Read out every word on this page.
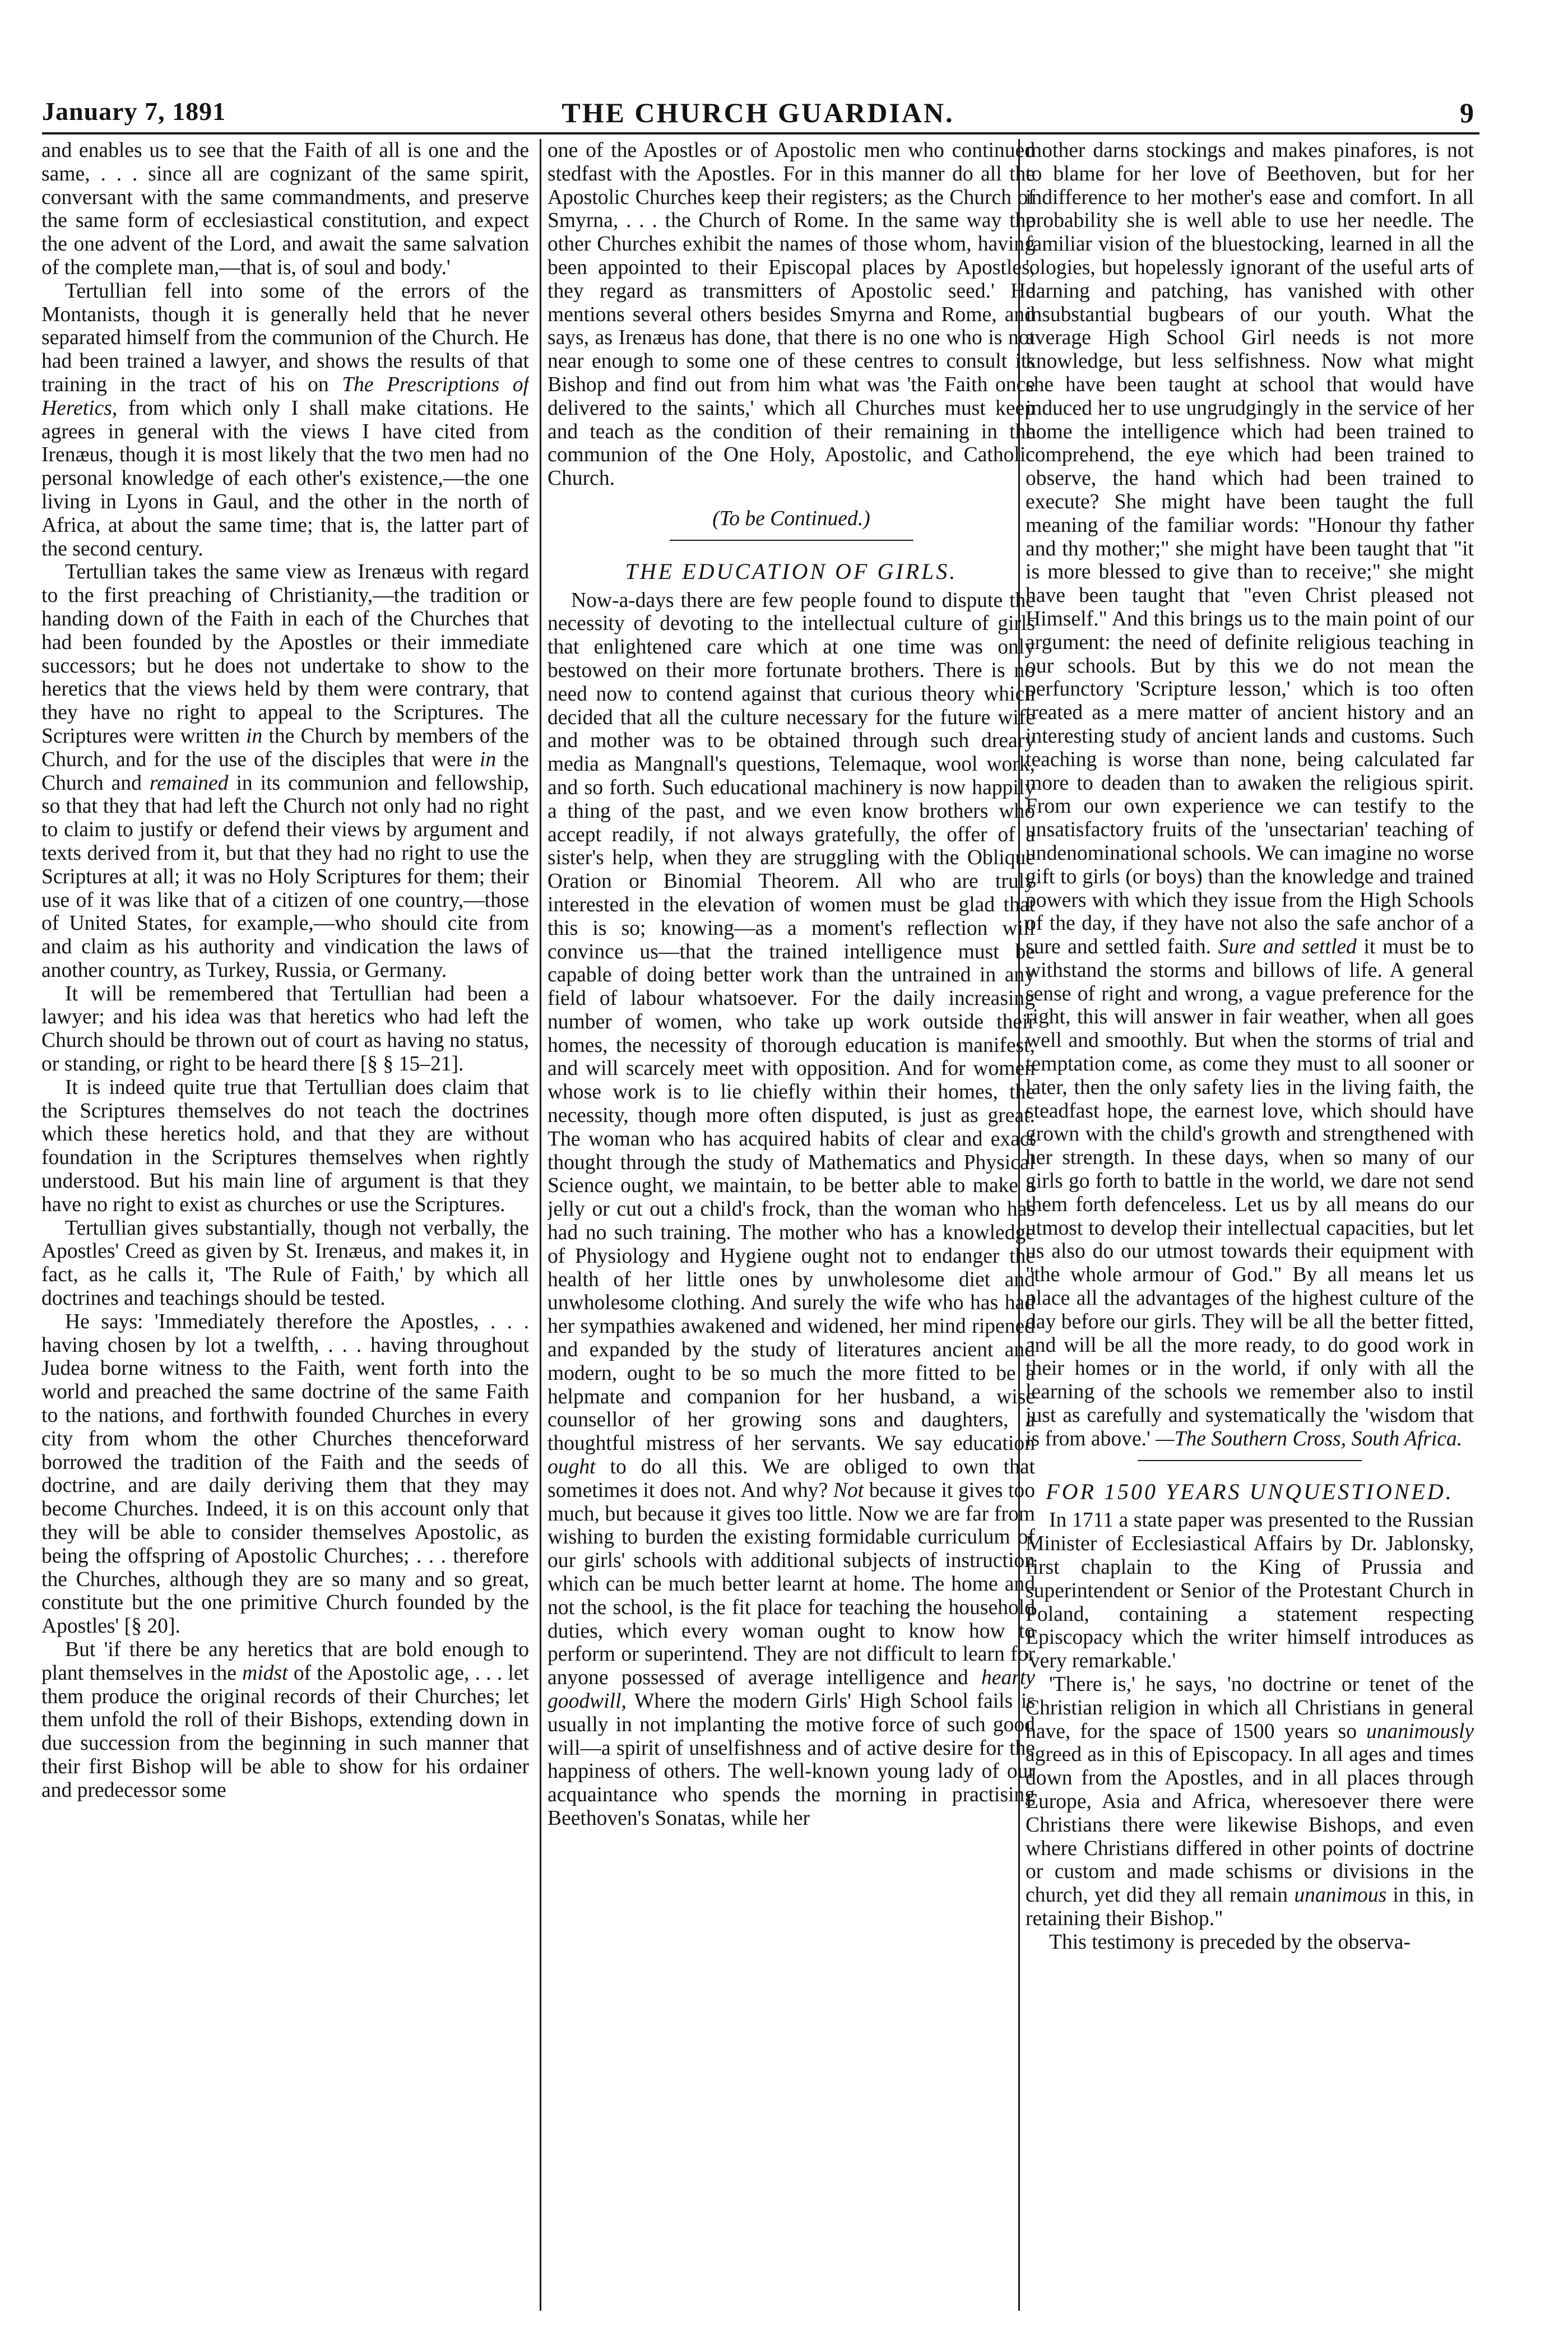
January 7, 1891	THE CHURCH GUARDIAN.	9

and enables us to see that the Faith of all is one and the same, . . . since all are cognizant of the same spirit, conversant with the same commandments, and preserve the same form of ecclesiastical constitution, and expect the one advent of the Lord, and await the same salvation of the complete man,—that is, of soul and body.'

Tertullian fell into some of the errors of the Montanists, though it is generally held that he never separated himself from the communion of the Church. He had been trained a lawyer, and shows the results of that training in the tract of his on The Prescriptions of Heretics, from which only I shall make citations. He agrees in general with the views I have cited from Irenæus, though it is most likely that the two men had no personal knowledge of each other's existence,—the one living in Lyons in Gaul, and the other in the north of Africa, at about the same time; that is, the latter part of the second century.

Tertullian takes the same view as Irenæus with regard to the first preaching of Christianity,—the tradition or handing down of the Faith in each of the Churches that had been founded by the Apostles or their immediate successors; but he does not undertake to show to the heretics that the views held by them were contrary, that they have no right to appeal to the Scriptures. The Scriptures were written in the Church by members of the Church, and for the use of the disciples that were in the Church and remained in its communion and fellowship, so that they that had left the Church not only had no right to claim to justify or defend their views by argument and texts derived from it, but that they had no right to use the Scriptures at all; it was no Holy Scriptures for them; their use of it was like that of a citizen of one country,—those of United States, for example,—who should cite from and claim as his authority and vindication the laws of another country, as Turkey, Russia, or Germany.

It will be remembered that Tertullian had been a lawyer; and his idea was that heretics who had left the Church should be thrown out of court as having no status, or standing, or right to be heard there [§ § 15–21].

It is indeed quite true that Tertullian does claim that the Scriptures themselves do not teach the doctrines which these heretics hold, and that they are without foundation in the Scriptures themselves when rightly understood. But his main line of argument is that they have no right to exist as churches or use the Scriptures.

Tertullian gives substantially, though not verbally, the Apostles' Creed as given by St. Irenæus, and makes it, in fact, as he calls it, 'The Rule of Faith,' by which all doctrines and teachings should be tested.

He says: 'Immediately therefore the Apostles, . . . having chosen by lot a twelfth, . . . having throughout Judea borne witness to the Faith, went forth into the world and preached the same doctrine of the same Faith to the nations, and forthwith founded Churches in every city from whom the other Churches thenceforward borrowed the tradition of the Faith and the seeds of doctrine, and are daily deriving them that they may become Churches. Indeed, it is on this account only that they will be able to consider themselves Apostolic, as being the offspring of Apostolic Churches; . . . therefore the Churches, although they are so many and so great, constitute but the one primitive Church founded by the Apostles' [§ 20].

But 'if there be any heretics that are bold enough to plant themselves in the midst of the Apostolic age, . . . let them produce the original records of their Churches; let them unfold the roll of their Bishops, extending down in due succession from the beginning in such manner that their first Bishop will be able to show for his ordainer and predecessor some

one of the Apostles or of Apostolic men who continued stedfast with the Apostles. For in this manner do all the Apostolic Churches keep their registers; as the Church of Smyrna, . . . the Church of Rome. In the same way the other Churches exhibit the names of those whom, having been appointed to their Episcopal places by Apostles, they regard as transmitters of Apostolic seed.' He mentions several others besides Smyrna and Rome, and says, as Irenæus has done, that there is no one who is not near enough to some one of these centres to consult its Bishop and find out from him what was 'the Faith once delivered to the saints,' which all Churches must keep and teach as the condition of their remaining in the communion of the One Holy, Apostolic, and Catholic Church.

(To be Continued.)
THE EDUCATION OF GIRLS.

Now-a-days there are few people found to dispute the necessity of devoting to the intellectual culture of girls that enlightened care which at one time was only bestowed on their more fortunate brothers. There is no need now to contend against that curious theory which decided that all the culture necessary for the future wife and mother was to be obtained through such dreary media as Mangnall's questions, Telemaque, wool work, and so forth. Such educational machinery is now happily a thing of the past, and we even know brothers who accept readily, if not always gratefully, the offer of a sister's help, when they are struggling with the Oblique Oration or Binomial Theorem. All who are truly interested in the elevation of women must be glad that this is so; knowing—as a moment's reflection will convince us—that the trained intelligence must be capable of doing better work than the untrained in any field of labour whatsoever. For the daily increasing number of women, who take up work outside their homes, the necessity of thorough education is manifest, and will scarcely meet with opposition. And for women whose work is to lie chiefly within their homes, the necessity, though more often disputed, is just as great. The woman who has acquired habits of clear and exact thought through the study of Mathematics and Physical Science ought, we maintain, to be better able to make a jelly or cut out a child's frock, than the woman who has had no such training. The mother who has a knowledge of Physiology and Hygiene ought not to endanger the health of her little ones by unwholesome diet and unwholesome clothing. And surely the wife who has had her sympathies awakened and widened, her mind ripened and expanded by the study of literatures ancient and modern, ought to be so much the more fitted to be a helpmate and companion for her husband, a wise counsellor of her growing sons and daughters, a thoughtful mistress of her servants. We say education ought to do all this. We are obliged to own that sometimes it does not. And why? Not because it gives too much, but because it gives too little. Now we are far from wishing to burden the existing formidable curriculum of our girls' schools with additional subjects of instruction which can be much better learnt at home. The home and not the school, is the fit place for teaching the household duties, which every woman ought to know how to perform or superintend. They are not difficult to learn for anyone possessed of average intelligence and hearty goodwill, Where the modern Girls' High School fails is usually in not implanting the motive force of such good will—a spirit of unselfishness and of active desire for the happiness of others. The well-known young lady of our acquaintance who spends the morning in practising Beethoven's Sonatas, while her

mother darns stockings and makes pinafores, is not to blame for her love of Beethoven, but for her indifference to her mother's ease and comfort. In all probability she is well able to use her needle. The familiar vision of the bluestocking, learned in all the 'ologies, but hopelessly ignorant of the useful arts of darning and patching, has vanished with other insubstantial bugbears of our youth. What the average High School Girl needs is not more knowledge, but less selfishness. Now what might she have been taught at school that would have induced her to use ungrudgingly in the service of her home the intelligence which had been trained to comprehend, the eye which had been trained to observe, the hand which had been trained to execute? She might have been taught the full meaning of the familiar words: "Honour thy father and thy mother;" she might have been taught that "it is more blessed to give than to receive;" she might have been taught that "even Christ pleased not Himself." And this brings us to the main point of our argument: the need of definite religious teaching in our schools. But by this we do not mean the perfunctory 'Scripture lesson,' which is too often treated as a mere matter of ancient history and an interesting study of ancient lands and customs. Such teaching is worse than none, being calculated far more to deaden than to awaken the religious spirit. From our own experience we can testify to the unsatisfactory fruits of the 'unsectarian' teaching of undenominational schools. We can imagine no worse gift to girls (or boys) than the knowledge and trained powers with which they issue from the High Schools of the day, if they have not also the safe anchor of a sure and settled faith. Sure and settled it must be to withstand the storms and billows of life. A general sense of right and wrong, a vague preference for the right, this will answer in fair weather, when all goes well and smoothly. But when the storms of trial and temptation come, as come they must to all sooner or later, then the only safety lies in the living faith, the steadfast hope, the earnest love, which should have grown with the child's growth and strengthened with her strength. In these days, when so many of our girls go forth to battle in the world, we dare not send them forth defenceless. Let us by all means do our utmost to develop their intellectual capacities, but let us also do our utmost towards their equipment with "the whole armour of God." By all means let us place all the advantages of the highest culture of the day before our girls. They will be all the better fitted, and will be all the more ready, to do good work in their homes or in the world, if only with all the learning of the schools we remember also to instil just as carefully and systematically the 'wisdom that is from above.' —The Southern Cross, South Africa.

FOR 1500 YEARS UNQUESTIONED.

In 1711 a state paper was presented to the Russian Minister of Ecclesiastical Affairs by Dr. Jablonsky, first chaplain to the King of Prussia and superintendent or Senior of the Protestant Church in Poland, containing a statement respecting Episcopacy which the writer himself introduces as 'very remarkable.'

'There is,' he says, 'no doctrine or tenet of the Christian religion in which all Christians in general have, for the space of 1500 years so unanimously agreed as in this of Episcopacy. In all ages and times down from the Apostles, and in all places through Europe, Asia and Africa, wheresoever there were Christians there were likewise Bishops, and even where Christians differed in other points of doctrine or custom and made schisms or divisions in the church, yet did they all remain unanimous in this, in retaining their Bishop."

This testimony is preceded by the observa-
